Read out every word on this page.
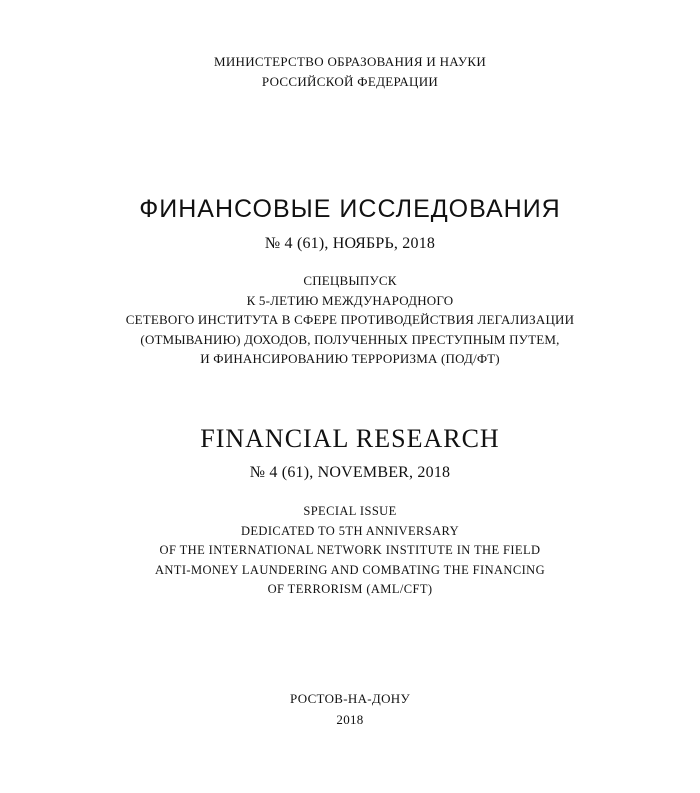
МИНИСТЕРСТВО ОБРАЗОВАНИЯ И НАУКИ
РОССИЙСКОЙ ФЕДЕРАЦИИ
ФИНАНСОВЫЕ ИССЛЕДОВАНИЯ
№ 4 (61), НОЯБРЬ, 2018
СПЕЦВЫПУСК
К 5-ЛЕТИЮ МЕЖДУНАРОДНОГО
СЕТЕВОГО ИНСТИТУТА В СФЕРЕ ПРОТИВОДЕЙСТВИЯ ЛЕГАЛИЗАЦИИ
(ОТМЫВАНИЮ) ДОХОДОВ, ПОЛУЧЕННЫХ ПРЕСТУПНЫМ ПУТЕМ,
И ФИНАНСИРОВАНИЮ ТЕРРОРИЗМА (ПОД/ФТ)
FINANCIAL RESEARCH
№ 4 (61), NOVEMBER, 2018
SPECIAL ISSUE
DEDICATED TO 5TH ANNIVERSARY
OF THE INTERNATIONAL NETWORK INSTITUTE IN THE FIELD
ANTI-MONEY LAUNDERING AND COMBATING THE FINANCING
OF TERRORISM (AML/CFT)
РОСТОВ-НА-ДОНУ
2018
